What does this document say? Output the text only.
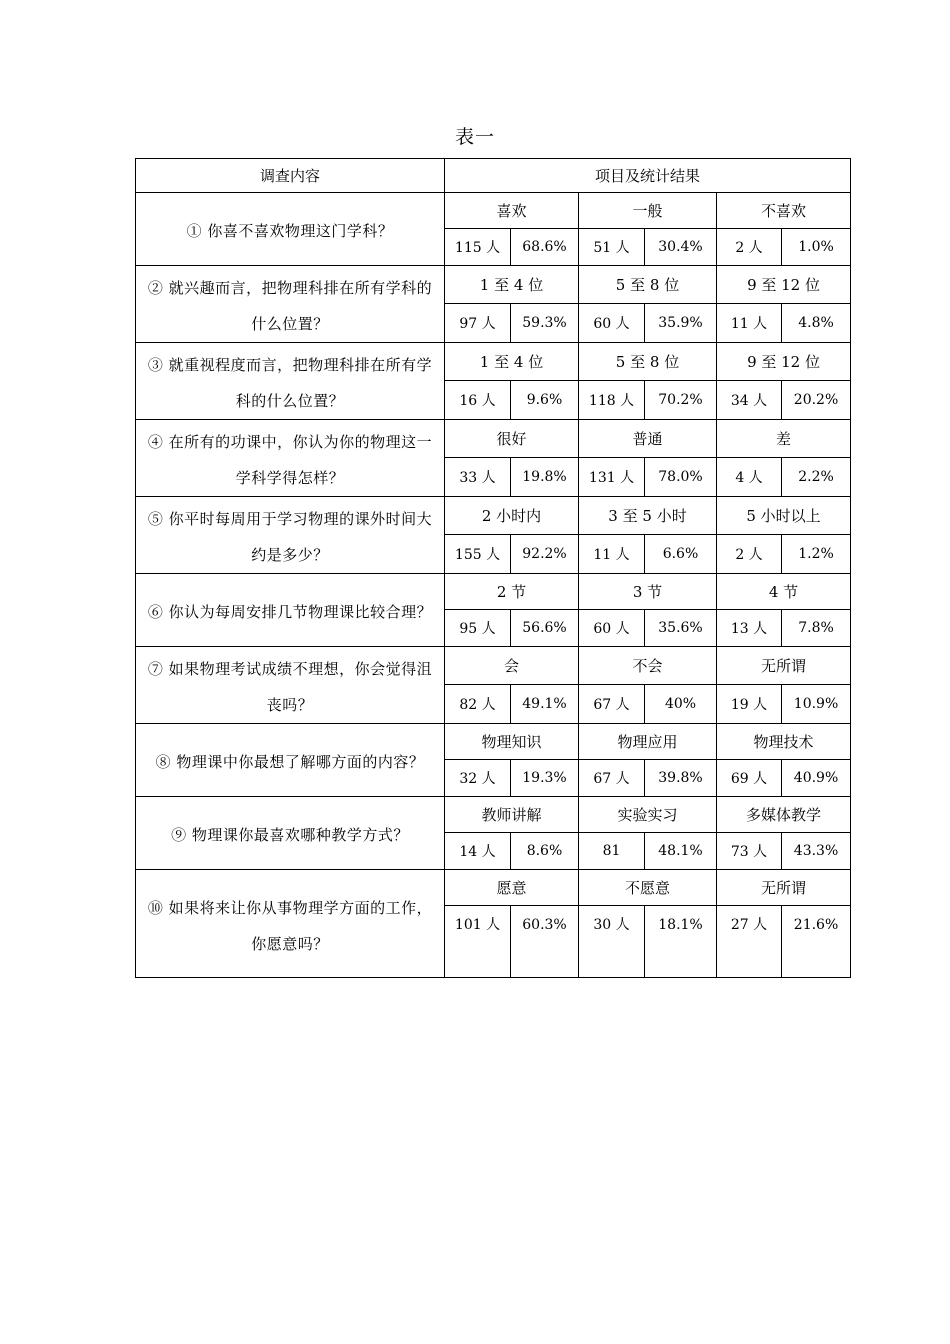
表一
调查内容	项目及统计结果					
① 你喜不喜欢物理这门学科？	喜欢		一般		不喜欢	
	115 人	68.6%	51 人	30.4%	2 人	1.0%
② 就兴趣而言，把物理科排在所有学科的什么位置？	1 至 4 位		5 至 8 位		9 至 12 位	
	97 人	59.3%	60 人	35.9%	11 人	4.8%
③ 就重视程度而言，把物理科排在所有学科的什么位置？	1 至 4 位		5 至 8 位		9 至 12 位	
	16 人	9.6%	118 人	70.2%	34 人	20.2%
④ 在所有的功课中，你认为你的物理这一学科学得怎样？	很好		普通		差	
	33 人	19.8%	131 人	78.0%	4 人	2.2%
⑤ 你平时每周用于学习物理的课外时间大约是多少？	2 小时内		3 至 5 小时		5 小时以上	
	155 人	92.2%	11 人	6.6%	2 人	1.2%
⑥ 你认为每周安排几节物理课比较合理？	2 节		3 节		4 节	
	95 人	56.6%	60 人	35.6%	13 人	7.8%
⑦ 如果物理考试成绩不理想，你会觉得沮丧吗？	会		不会		无所谓	
	82 人	49.1%	67 人	40%	19 人	10.9%
⑧ 物理课中你最想了解哪方面的内容？	物理知识		物理应用		物理技术	
	32 人	19.3%	67 人	39.8%	69 人	40.9%
⑨ 物理课你最喜欢哪种教学方式？	教师讲解		实验实习		多媒体教学	
	14 人	8.6%	81	48.1%	73 人	43.3%
⑩ 如果将来让你从事物理学方面的工作，你愿意吗？	愿意		不愿意		无所谓	
	101 人	60.3%	30 人	18.1%	27 人	21.6%
